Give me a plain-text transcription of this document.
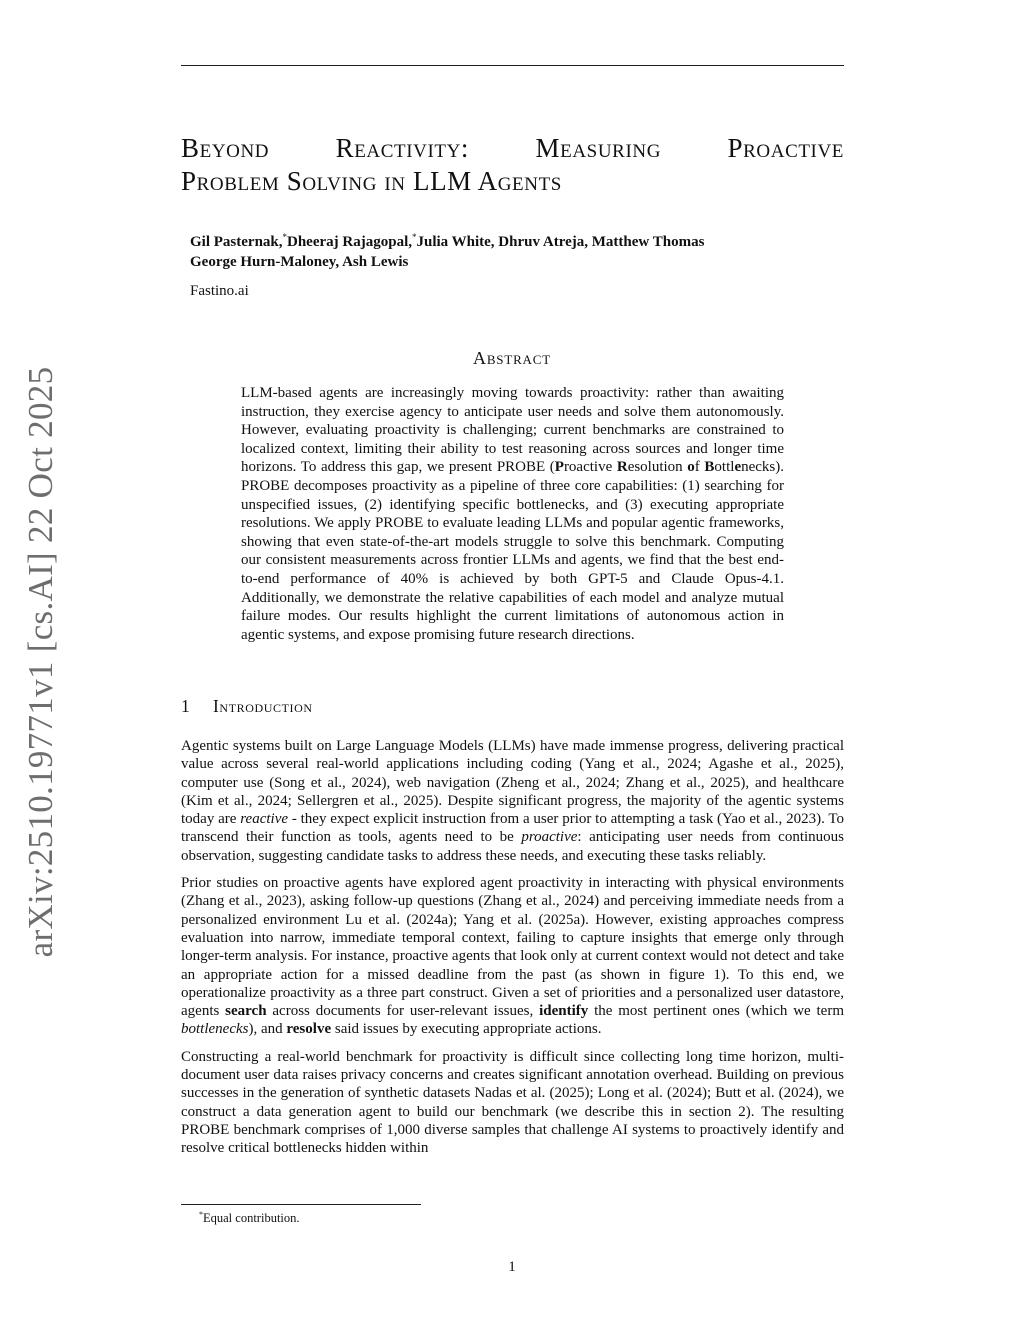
arXiv:2510.19771v1 [cs.AI] 22 Oct 2025
Beyond Reactivity: Measuring Proactive
Problem Solving in LLM Agents
Gil Pasternak,*Dheeraj Rajagopal,*Julia White, Dhruv Atreja, Matthew Thomas
George Hurn-Maloney, Ash Lewis
Fastino.ai
Abstract
LLM-based agents are increasingly moving towards proactivity: rather than awaiting instruction, they exercise agency to anticipate user needs and solve them autonomously. However, evaluating proactivity is challenging; current benchmarks are constrained to localized context, limiting their ability to test reasoning across sources and longer time horizons. To address this gap, we present PROBE (Proactive Resolution of Bottlenecks). PROBE decomposes proactivity as a pipeline of three core capabilities: (1) searching for unspecified issues, (2) identifying specific bottlenecks, and (3) executing appropriate resolutions. We apply PROBE to evaluate leading LLMs and popular agentic frameworks, showing that even state-of-the-art models struggle to solve this benchmark. Computing our consistent measurements across frontier LLMs and agents, we find that the best end-to-end performance of 40% is achieved by both GPT-5 and Claude Opus-4.1. Additionally, we demonstrate the relative capabilities of each model and analyze mutual failure modes. Our results highlight the current limitations of autonomous action in agentic systems, and expose promising future research directions.
1 Introduction

Agentic systems built on Large Language Models (LLMs) have made immense progress, delivering practical value across several real-world applications including coding (Yang et al., 2024; Agashe et al., 2025), computer use (Song et al., 2024), web navigation (Zheng et al., 2024; Zhang et al., 2025), and healthcare (Kim et al., 2024; Sellergren et al., 2025). Despite significant progress, the majority of the agentic systems today are reactive - they expect explicit instruction from a user prior to attempting a task (Yao et al., 2023). To transcend their function as tools, agents need to be proactive: anticipating user needs from continuous observation, suggesting candidate tasks to address these needs, and executing these tasks reliably.

Prior studies on proactive agents have explored agent proactivity in interacting with physical environments (Zhang et al., 2023), asking follow-up questions (Zhang et al., 2024) and perceiving immediate needs from a personalized environment Lu et al. (2024a); Yang et al. (2025a). However, existing approaches compress evaluation into narrow, immediate temporal context, failing to capture insights that emerge only through longer-term analysis. For instance, proactive agents that look only at current context would not detect and take an appropriate action for a missed deadline from the past (as shown in figure 1). To this end, we operationalize proactivity as a three part construct. Given a set of priorities and a personalized user datastore, agents search across documents for user-relevant issues, identify the most pertinent ones (which we term bottlenecks), and resolve said issues by executing appropriate actions.

Constructing a real-world benchmark for proactivity is difficult since collecting long time horizon, multi-document user data raises privacy concerns and creates significant annotation overhead. Building on previous successes in the generation of synthetic datasets Nadas et al. (2025); Long et al. (2024); Butt et al. (2024), we construct a data generation agent to build our benchmark (we describe this in section 2). The resulting PROBE benchmark comprises of 1,000 diverse samples that challenge AI systems to proactively identify and resolve critical bottlenecks hidden within

*Equal contribution.
1
